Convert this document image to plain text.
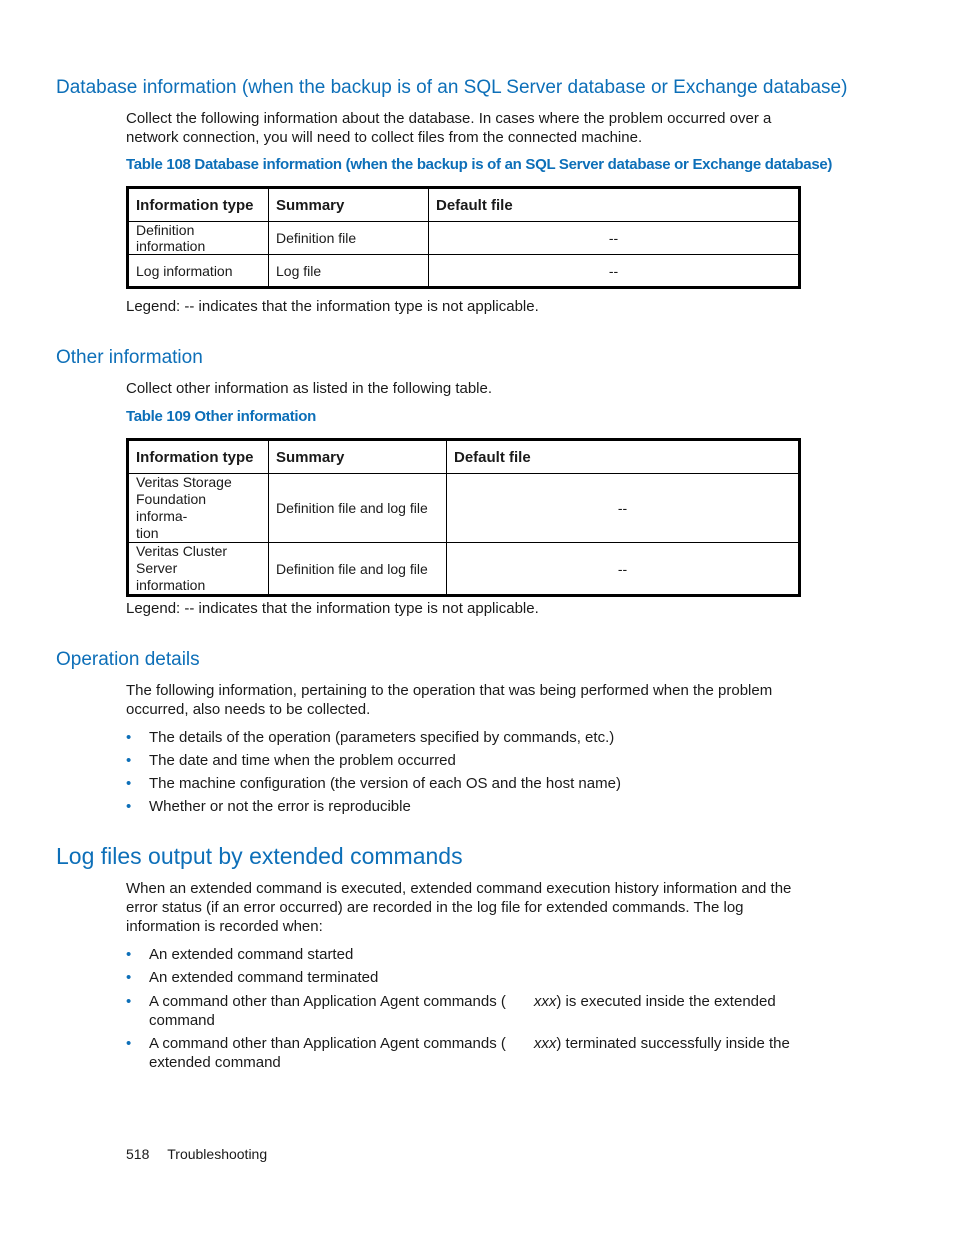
Database information (when the backup is of an SQL Server database or Exchange database)
Collect the following information about the database. In cases where the problem occurred over a
network connection, you will need to collect files from the connected machine.
Table 108 Database information (when the backup is of an SQL Server database or Exchange database)
Information type	Summary	Default file
Definition information	Definition file	--
Log information	Log file	--
Legend: -- indicates that the information type is not applicable.
Other information
Collect other information as listed in the following table.
Table 109 Other information
Information type	Summary	Default file

Veritas Storage
Foundation informa-
tion	Definition file and log file	--

Veritas Cluster Server
information	Definition file and log file	--
Legend: -- indicates that the information type is not applicable.
Operation details
The following information, pertaining to the operation that was being performed when the problem
occurred, also needs to be collected.
• The details of the operation (parameters specified by commands, etc.)
• The date and time when the problem occurred
• The machine configuration (the version of each OS and the host name)
• Whether or not the error is reproducible
Log files output by extended commands
When an extended command is executed, extended command execution history information and the
error status (if an error occurred) are recorded in the log file for extended commands. The log
information is recorded when:
• An extended command started
• An extended command terminated
• A command other than Application Agent commands ( xxx) is executed inside the extended
command
• A command other than Application Agent commands ( xxx) terminated successfully inside the
extended command
518 Troubleshooting
